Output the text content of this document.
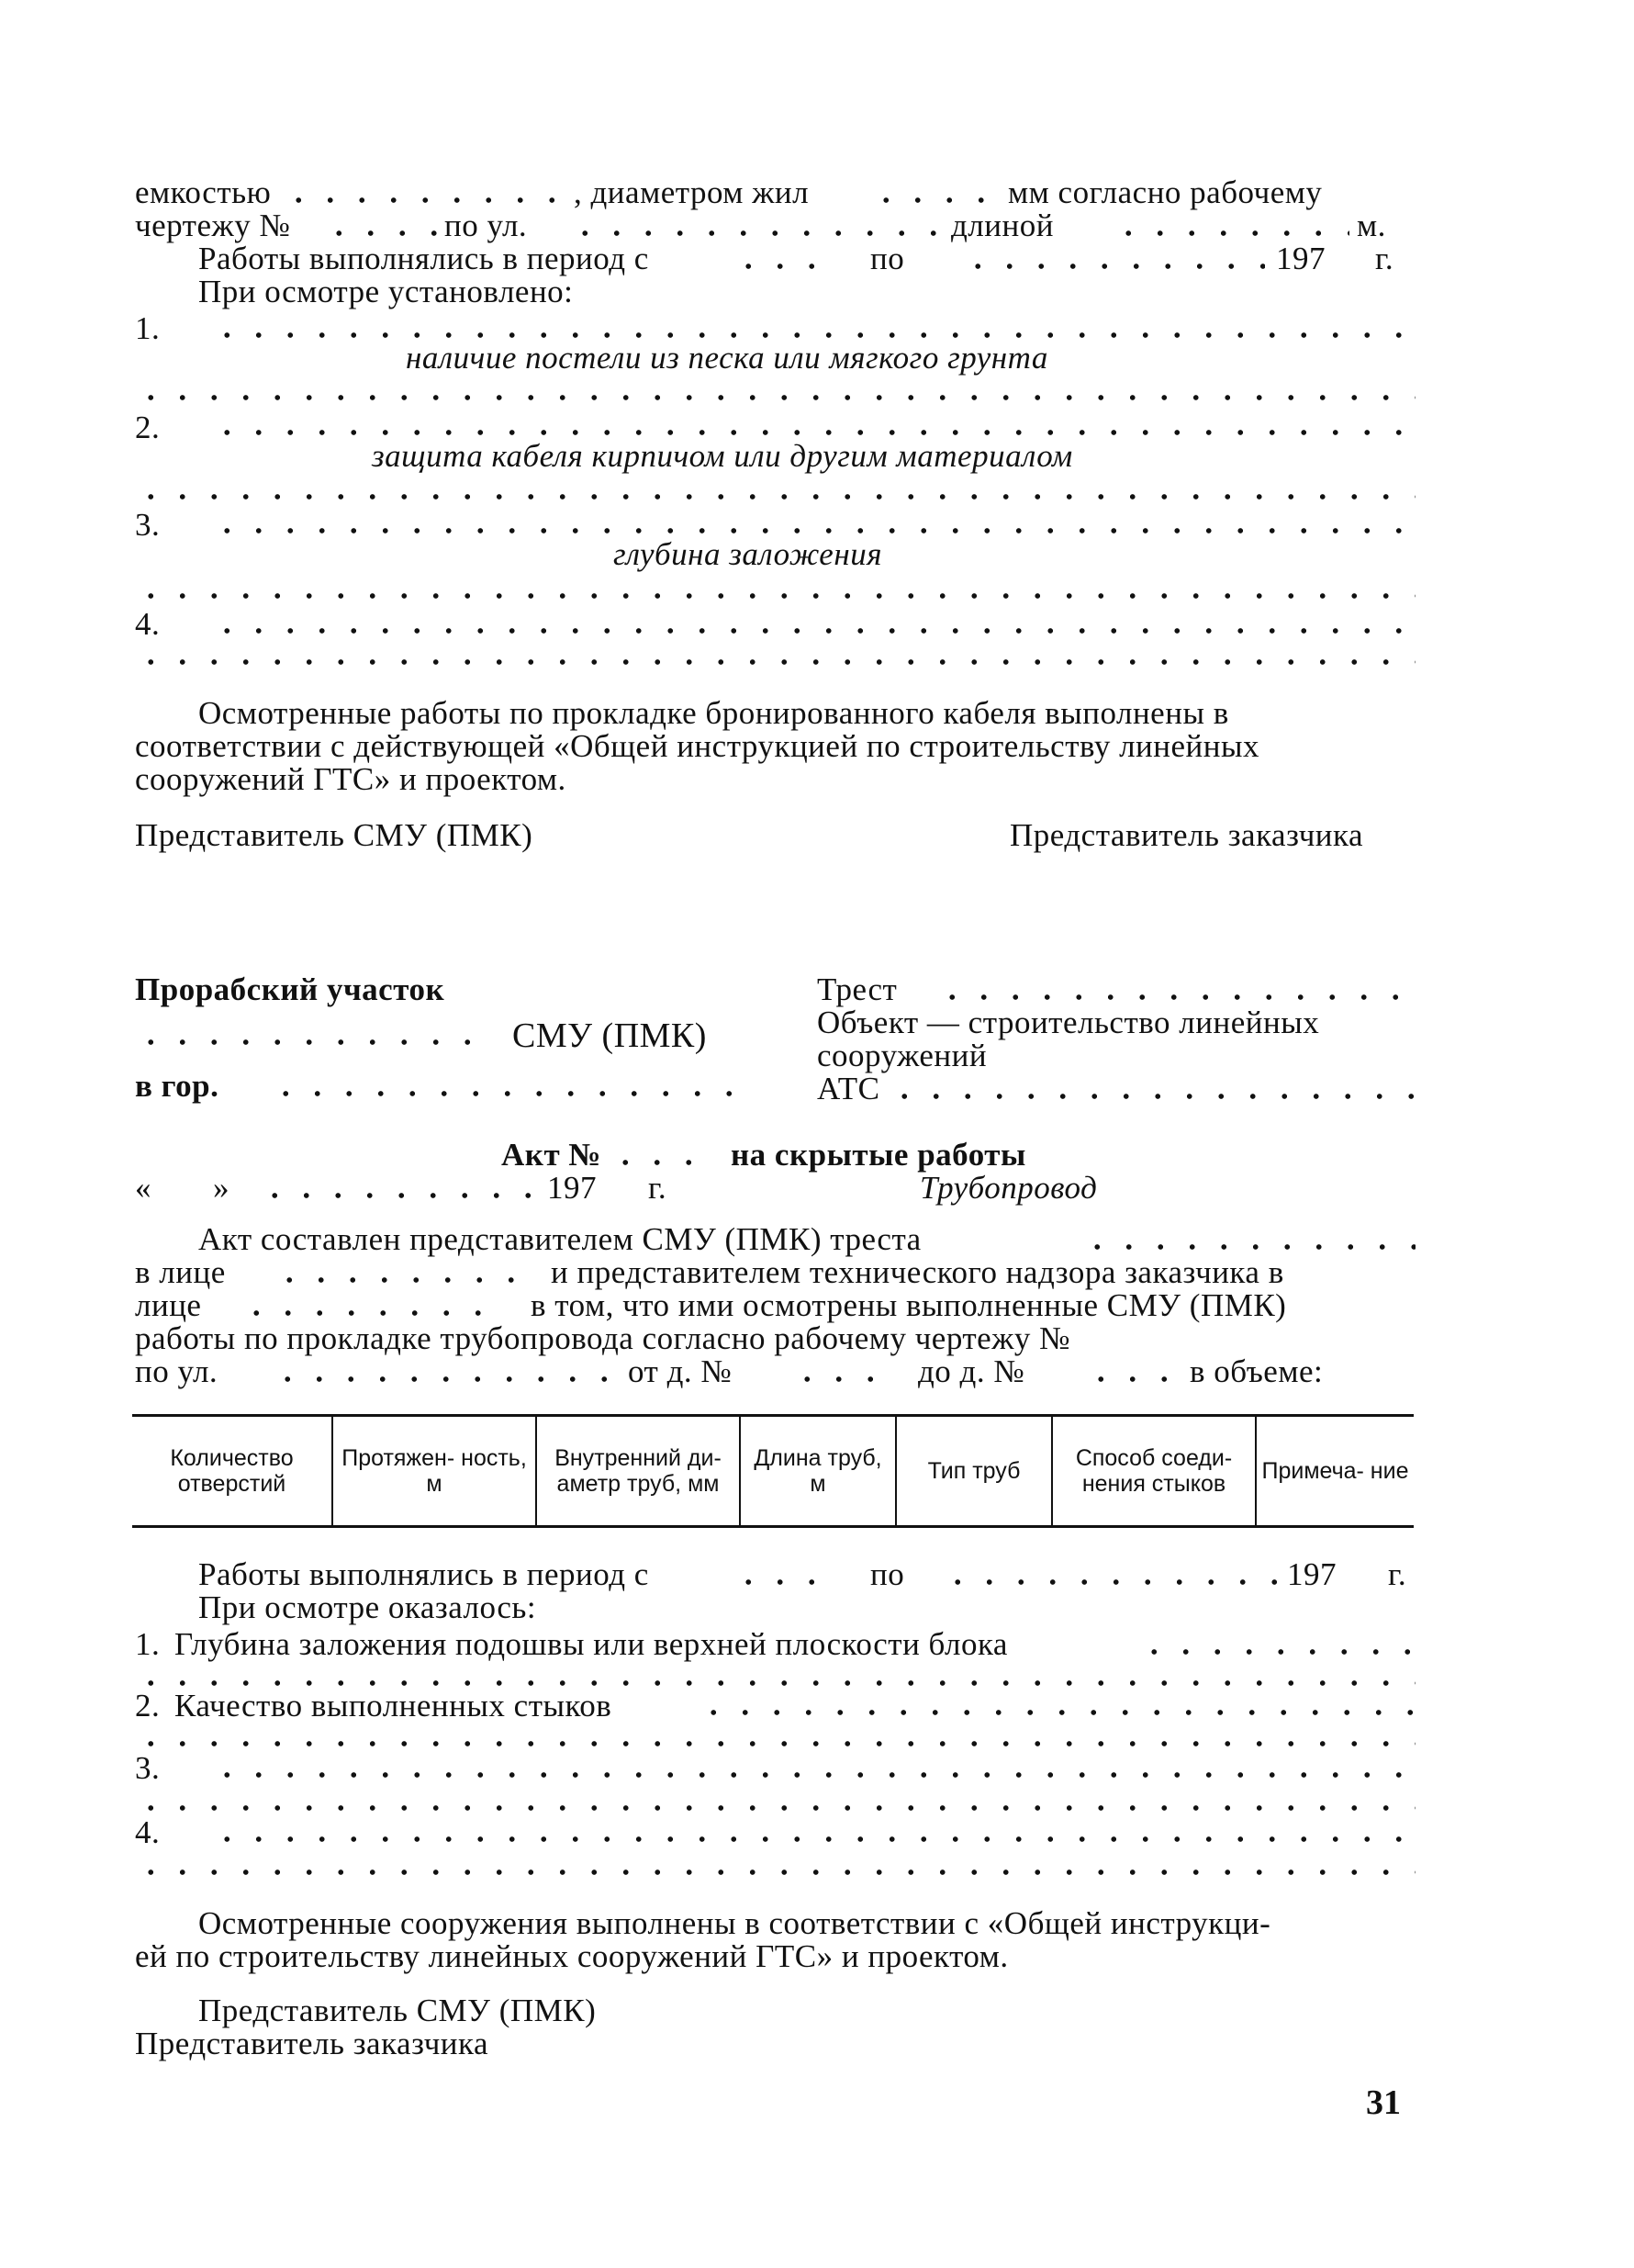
емкостью	, диаметром жил	мм согласно рабочему
чертежу №	по ул.	длиной	м.
Работы выполнялись в период с	по	197 г.
При осмотре установлено:
1.
наличие постели из песка или мягкого грунта
2.
защита кабеля кирпичом или другим материалом
3.
глубина заложения
4.
Осмотренные работы по прокладке бронированного кабеля выполнены в
соответствии с действующей «Общей инструкцией по строительству линейных
сооружений ГТС» и проектом.
Представитель СМУ (ПМК)	Представитель заказчика
Прорабский участок
СМУ (ПМК)
в гор.
Трест
Объект — строительство линейных
сооружений
АТС
Акт №	на скрытые работы
« »	197 г.	Трубопровод
Акт составлен представителем СМУ (ПМК) треста
в лице	и представителем технического надзора заказчика в
лице	в том, что ими осмотрены выполненные СМУ (ПМК)
работы по прокладке трубопровода согласно рабочему чертежу №
по ул.	от д. №	до д. №	в объеме:
Количество отверстий	Протяжен- ность, м	Внутренний ди- аметр труб, мм	Длина труб, м	Тип труб	Способ соеди- нения стыков	Примеча- ние
Работы выполнялись в период с	по	197 г.
При осмотре оказалось:
1. Глубина заложения подошвы или верхней плоскости блока
2. Качество выполненных стыков
3.
4.
Осмотренные сооружения выполнены в соответствии с «Общей инструкци-
ей по строительству линейных сооружений ГТС» и проектом.
Представитель СМУ (ПМК)
Представитель заказчика
31
